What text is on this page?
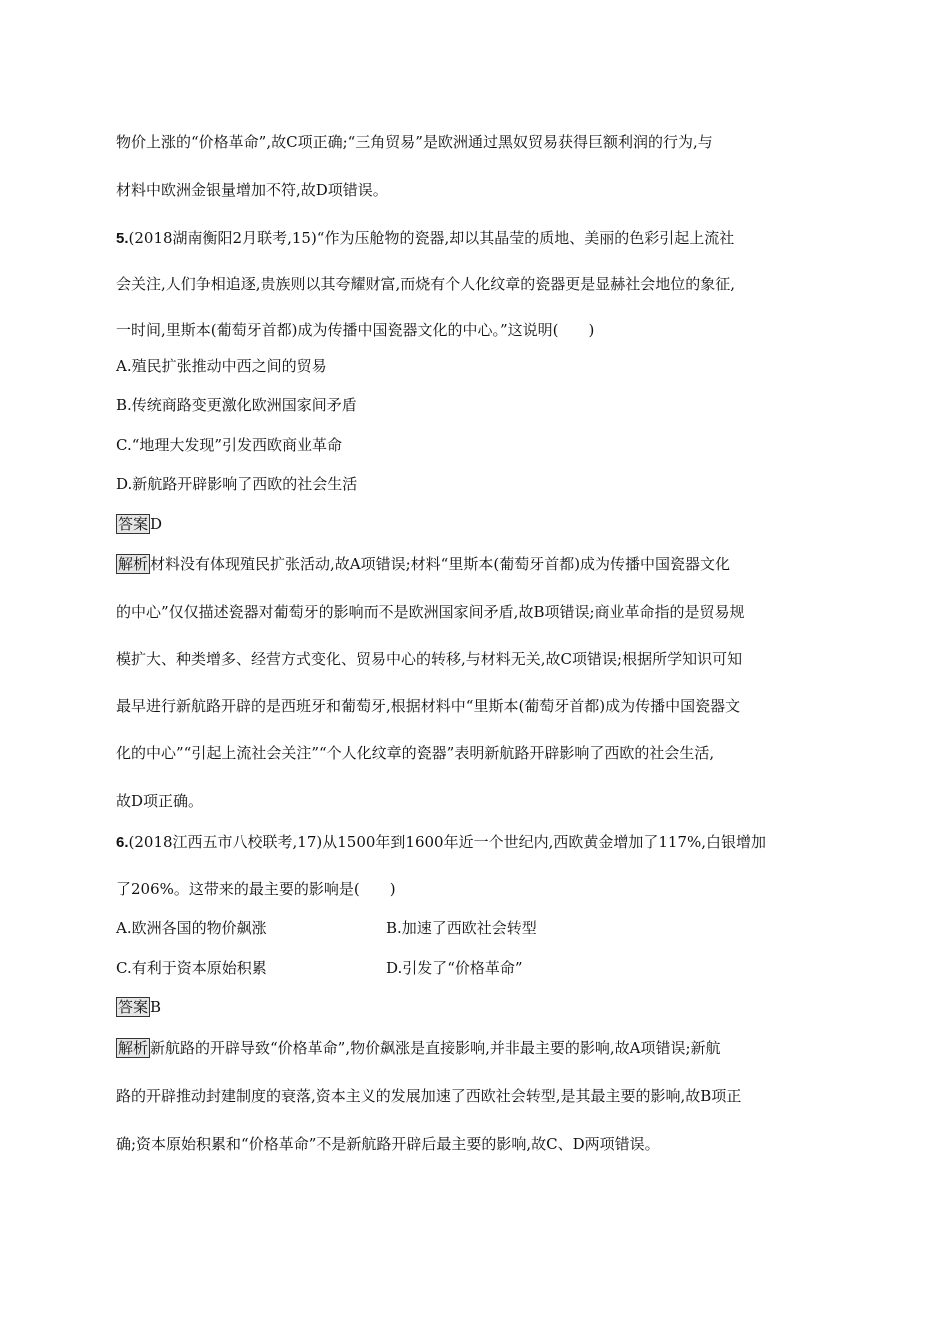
物价上涨的“价格革命”,故C项正确;“三角贸易”是欧洲通过黑奴贸易获得巨额利润的行为,与
材料中欧洲金银量增加不符,故D项错误。
5.(2018湖南衡阳2月联考,15)“作为压舱物的瓷器,却以其晶莹的质地、美丽的色彩引起上流社
会关注,人们争相追逐,贵族则以其夸耀财富,而烧有个人化纹章的瓷器更是显赫社会地位的象征,
一时间,里斯本(葡萄牙首都)成为传播中国瓷器文化的中心。”这说明(　　)
A.殖民扩张推动中西之间的贸易
B.传统商路变更激化欧洲国家间矛盾
C.“地理大发现”引发西欧商业革命
D.新航路开辟影响了西欧的社会生活
答案 D
解析 材料没有体现殖民扩张活动,故A项错误;材料“里斯本(葡萄牙首都)成为传播中国瓷器文化
的中心”仅仅描述瓷器对葡萄牙的影响而不是欧洲国家间矛盾,故B项错误;商业革命指的是贸易规
模扩大、种类增多、经营方式变化、贸易中心的转移,与材料无关,故C项错误;根据所学知识可知
最早进行新航路开辟的是西班牙和葡萄牙,根据材料中“里斯本(葡萄牙首都)成为传播中国瓷器文
化的中心”“引起上流社会关注”“个人化纹章的瓷器”表明新航路开辟影响了西欧的社会生活,
故D项正确。
6.(2018江西五市八校联考,17)从1500年到1600年近一个世纪内,西欧黄金增加了117%,白银增加
了206%。这带来的最主要的影响是(　　)
A.欧洲各国的物价飙涨	B.加速了西欧社会转型
C.有利于资本原始积累	D.引发了“价格革命”
答案 B
解析 新航路的开辟导致“价格革命”,物价飙涨是直接影响,并非最主要的影响,故A项错误;新航
路的开辟推动封建制度的衰落,资本主义的发展加速了西欧社会转型,是其最主要的影响,故B项正
确;资本原始积累和“价格革命”不是新航路开辟后最主要的影响,故C、D两项错误。
